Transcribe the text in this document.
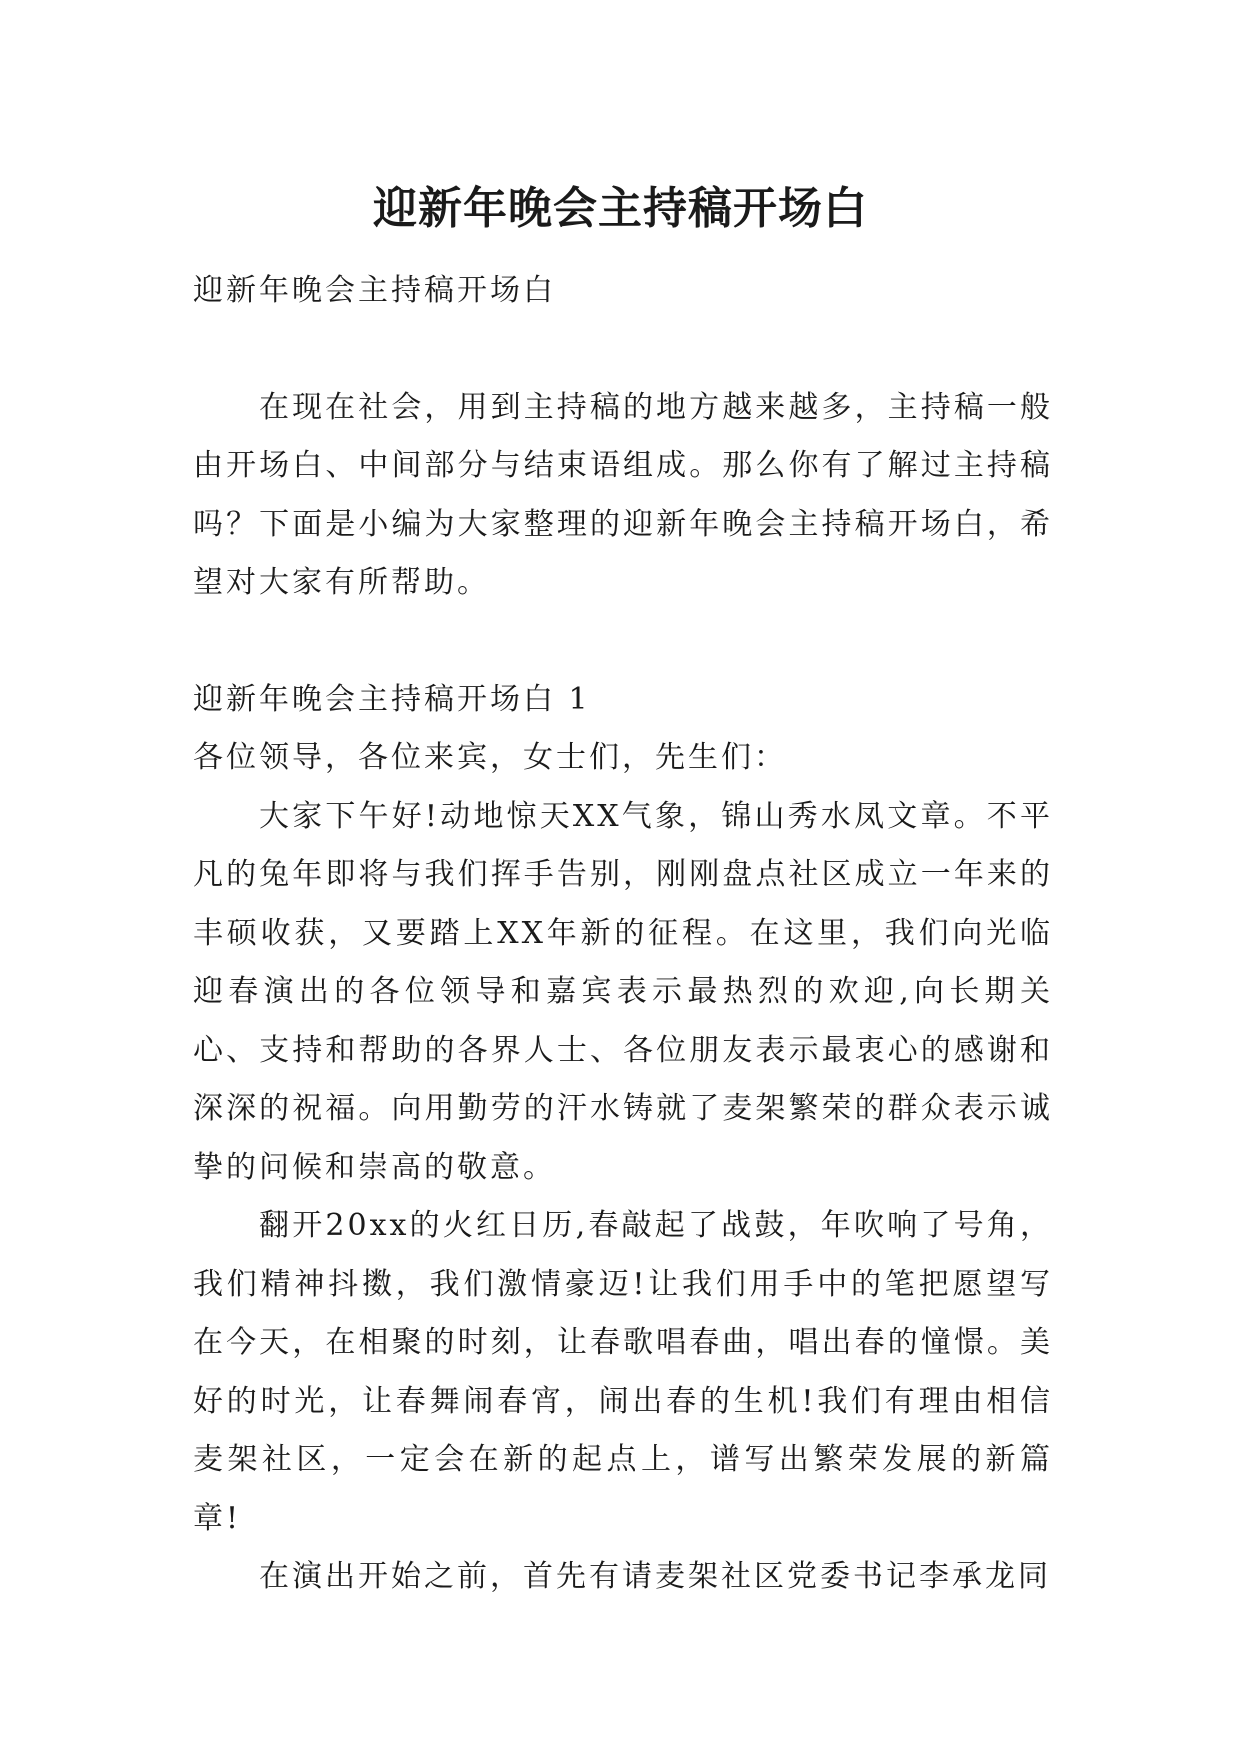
迎新年晚会主持稿开场白

迎新年晚会主持稿开场白

在现在社会，用到主持稿的地方越来越多，主持稿一般由开场白、中间部分与结束语组成。那么你有了解过主持稿吗？下面是小编为大家整理的迎新年晚会主持稿开场白，希望对大家有所帮助。

迎新年晚会主持稿开场白 1

各位领导，各位来宾，女士们，先生们：

大家下午好!动地惊天XX气象，锦山秀水凤文章。不平凡的兔年即将与我们挥手告别，刚刚盘点社区成立一年来的丰硕收获，又要踏上XX年新的征程。在这里，我们向光临迎春演出的各位领导和嘉宾表示最热烈的欢迎,向长期关心、支持和帮助的各界人士、各位朋友表示最衷心的感谢和深深的祝福。向用勤劳的汗水铸就了麦架繁荣的群众表示诚挚的问候和崇高的敬意。

翻开20xx的火红日历,春敲起了战鼓，年吹响了号角，我们精神抖擞，我们激情豪迈!让我们用手中的笔把愿望写在今天，在相聚的时刻，让春歌唱春曲，唱出春的憧憬。美好的时光，让春舞闹春宵，闹出春的生机!我们有理由相信麦架社区，一定会在新的起点上，谱写出繁荣发展的新篇章!

在演出开始之前，首先有请麦架社区党委书记李承龙同
